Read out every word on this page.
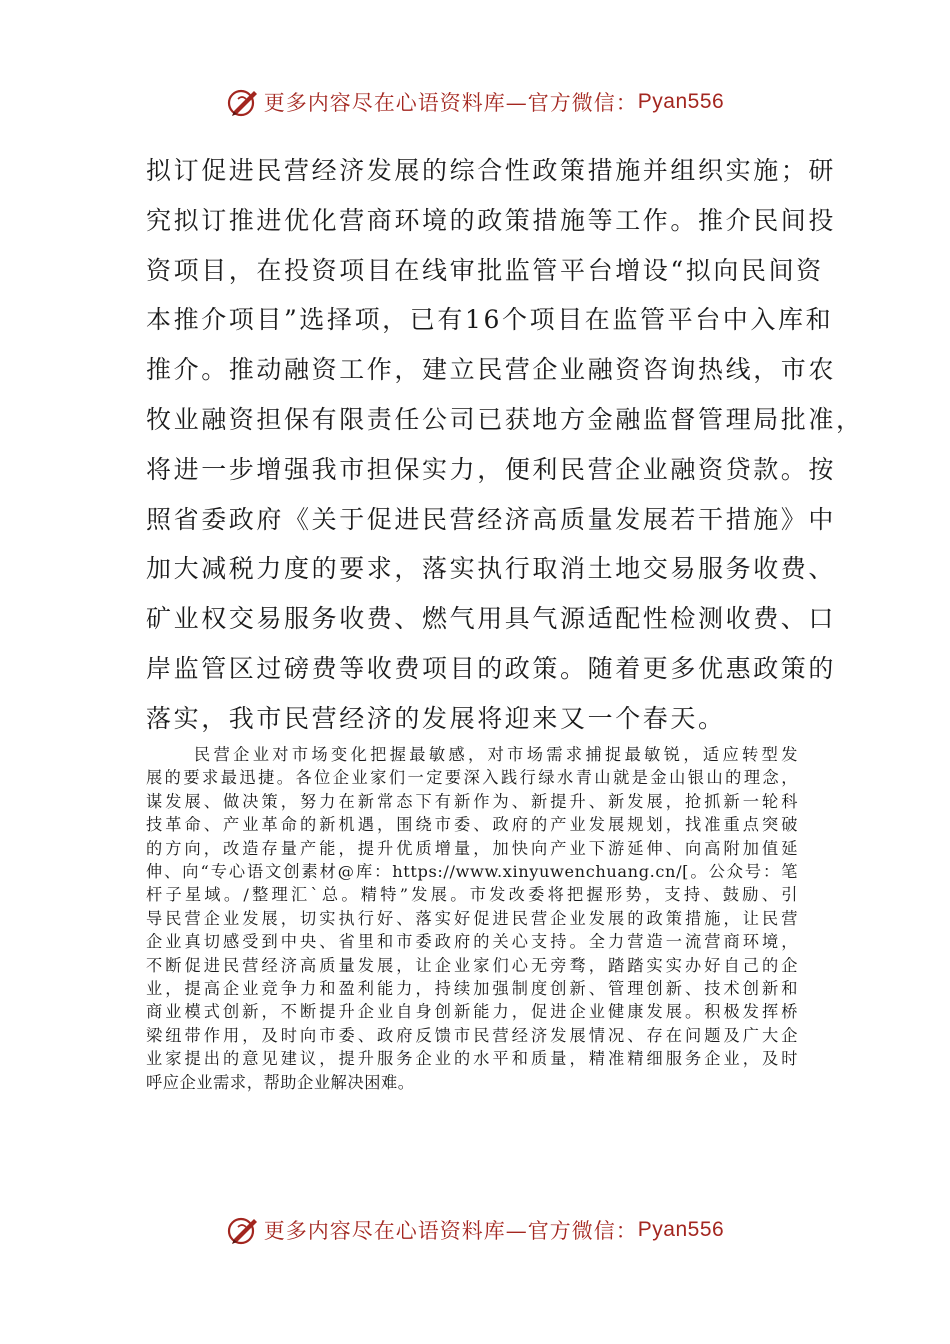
更多内容尽在心语资料库—官方微信： Pyan556
拟订促进民营经济发展的综合性政策措施并组织实施；研
究拟订推进优化营商环境的政策措施等工作。推介民间投
资项目，在投资项目在线审批监管平台增设“拟向民间资
本推介项目”选择项，已有16个项目在监管平台中入库和
推介。推动融资工作，建立民营企业融资咨询热线，市农
牧业融资担保有限责任公司已获地方金融监督管理局批准，
将进一步增强我市担保实力，便利民营企业融资贷款。按
照省委政府《关于促进民营经济高质量发展若干措施》中
加大减税力度的要求，落实执行取消土地交易服务收费、
矿业权交易服务收费、燃气用具气源适配性检测收费、口
岸监管区过磅费等收费项目的政策。随着更多优惠政策的
落实，我市民营经济的发展将迎来又一个春天。
民营企业对市场变化把握最敏感，对市场需求捕捉最敏锐，适应转型发
展的要求最迅捷。各位企业家们一定要深入践行绿水青山就是金山银山的理念，
谋发展、做决策，努力在新常态下有新作为、新提升、新发展，抢抓新一轮科
技革命、产业革命的新机遇，围绕市委、政府的产业发展规划，找准重点突破
的方向，改造存量产能，提升优质增量，加快向产业下游延伸、向高附加值延
伸、向“专心语文创素材@库：https://www.xinyuwenchuang.cn/[。公众号：笔
杆子星域。/整理汇`总。精特”发展。市发改委将把握形势，支持、鼓励、引
导民营企业发展，切实执行好、落实好促进民营企业发展的政策措施，让民营
企业真切感受到中央、省里和市委政府的关心支持。全力营造一流营商环境，
不断促进民营经济高质量发展，让企业家们心无旁骛，踏踏实实办好自己的企
业，提高企业竞争力和盈利能力，持续加强制度创新、管理创新、技术创新和
商业模式创新，不断提升企业自身创新能力，促进企业健康发展。积极发挥桥
梁纽带作用，及时向市委、政府反馈市民营经济发展情况、存在问题及广大企
业家提出的意见建议，提升服务企业的水平和质量，精准精细服务企业，及时
呼应企业需求，帮助企业解决困难。
更多内容尽在心语资料库—官方微信： Pyan556
